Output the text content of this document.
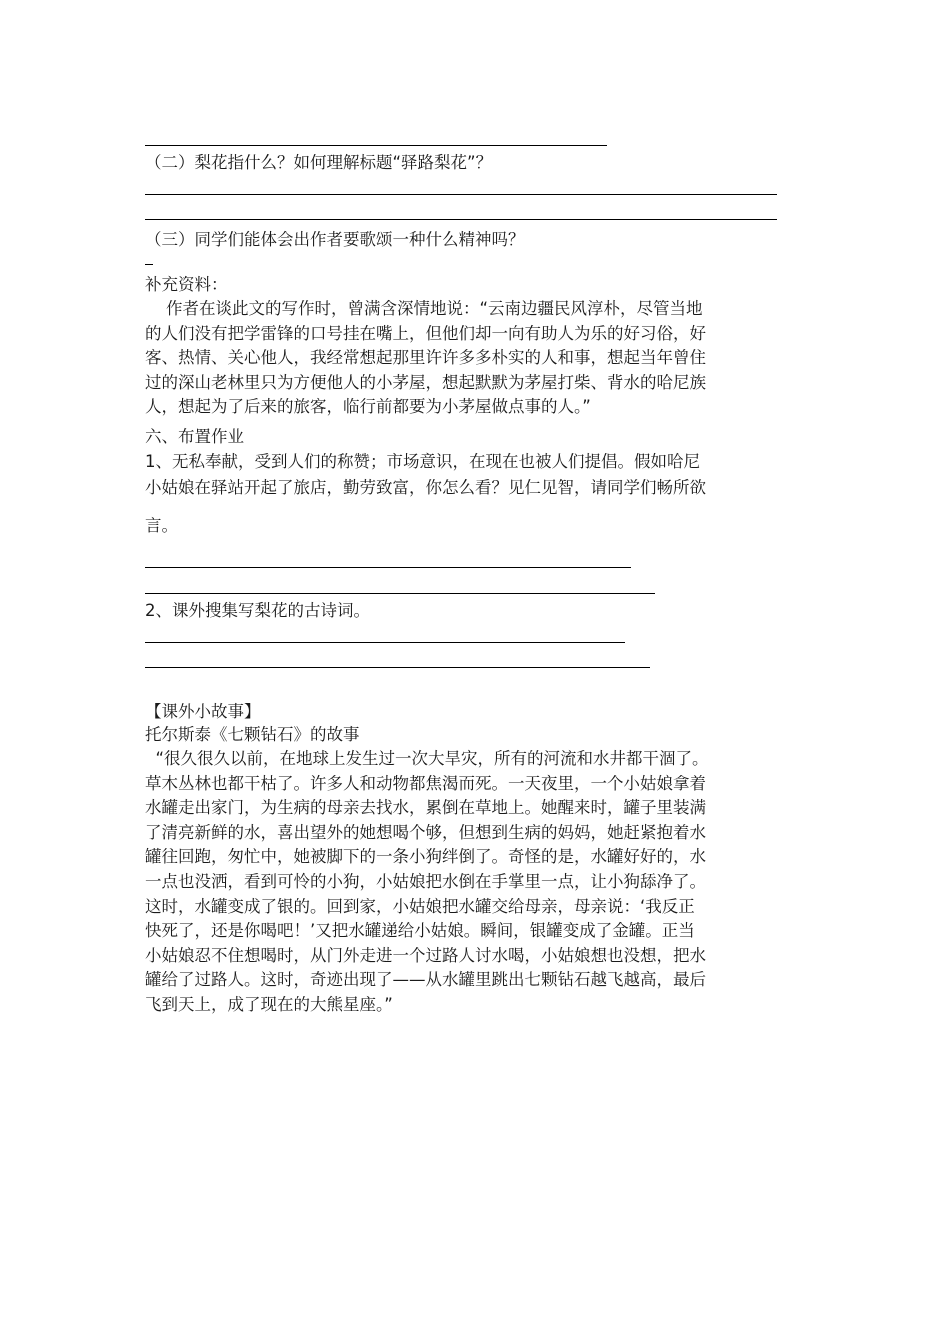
（二）梨花指什么？如何理解标题“驿路梨花”？
（三）同学们能体会出作者要歌颂一种什么精神吗？
补充资料：

作者在谈此文的写作时，曾满含深情地说：“云南边疆民风淳朴，尽管当地

的人们没有把学雷锋的口号挂在嘴上，但他们却一向有助人为乐的好习俗，好

客、热情、关心他人，我经常想起那里许许多多朴实的人和事，想起当年曾住

过的深山老林里只为方便他人的小茅屋，想起默默为茅屋打柴、背水的哈尼族

人，想起为了后来的旅客，临行前都要为小茅屋做点事的人。”

六、布置作业

1、无私奉献，受到人们的称赞；市场意识，在现在也被人们提倡。假如哈尼

小姑娘在驿站开起了旅店，勤劳致富，你怎么看？见仁见智，请同学们畅所欲

言。
2、课外搜集写梨花的古诗词。
【课外小故事】
托尔斯泰《七颗钻石》的故事

“很久很久以前，在地球上发生过一次大旱灾，所有的河流和水井都干涸了。

草木丛林也都干枯了。许多人和动物都焦渴而死。一天夜里，一个小姑娘拿着

水罐走出家门，为生病的母亲去找水，累倒在草地上。她醒来时，罐子里装满

了清亮新鲜的水，喜出望外的她想喝个够，但想到生病的妈妈，她赶紧抱着水

罐往回跑，匆忙中，她被脚下的一条小狗绊倒了。奇怪的是，水罐好好的，水

一点也没洒，看到可怜的小狗，小姑娘把水倒在手掌里一点，让小狗舔净了。

这时，水罐变成了银的。回到家，小姑娘把水罐交给母亲，母亲说：‘我反正

快死了，还是你喝吧！’又把水罐递给小姑娘。瞬间，银罐变成了金罐。正当

小姑娘忍不住想喝时，从门外走进一个过路人讨水喝，小姑娘想也没想，把水

罐给了过路人。这时，奇迹出现了——从水罐里跳出七颗钻石越飞越高，最后

飞到天上，成了现在的大熊星座。”
